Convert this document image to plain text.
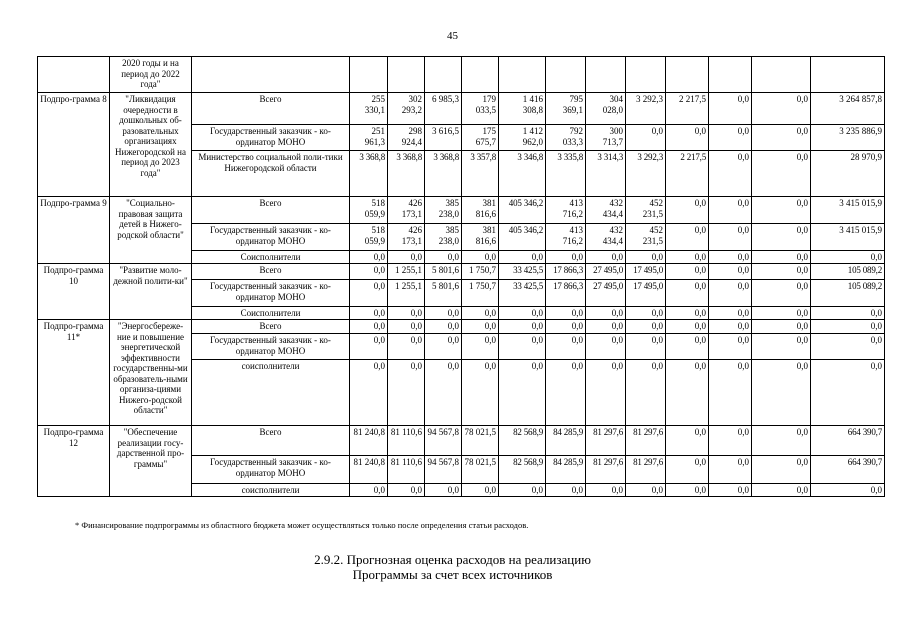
45
	2020 годы и на период до 2022 года"													
Подпро-грамма 8	"Ликвидация очередности в дошкольных об-разовательных организациях Нижегородской на период до 2023 года"	Всего	255 330,1	302 293,2	6 985,3	179 033,5	1 416 308,8	795 369,1	304 028,0	3 292,3	2 217,5	0,0	0,0	3 264 857,8
		Государственный заказчик - ко-ординатор МОНО	251 961,3	298 924,4	3 616,5	175 675,7	1 412 962,0	792 033,3	300 713,7	0,0	0,0	0,0	0,0	3 235 886,9
		Министерство социальной поли-тики Нижегородской области	3 368,8	3 368,8	3 368,8	3 357,8	3 346,8	3 335,8	3 314,3	3 292,3	2 217,5	0,0	0,0	28 970,9
Подпро-грамма 9	"Социально-правовая защита детей в Нижего-родской области"	Всего	518 059,9	426 173,1	385 238,0	381 816,6	405 346,2	413 716,2	432 434,4	452 231,5	0,0	0,0	0,0	3 415 015,9
		Государственный заказчик - ко-ординатор МОНО	518 059,9	426 173,1	385 238,0	381 816,6	405 346,2	413 716,2	432 434,4	452 231,5	0,0	0,0	0,0	3 415 015,9
		Соисполнители	0,0	0,0	0,0	0,0	0,0	0,0	0,0	0,0	0,0	0,0	0,0	0,0
Подпро-грамма 10	"Развитие моло-дежной полити-ки"	Всего	0,0	1 255,1	5 801,6	1 750,7	33 425,5	17 866,3	27 495,0	17 495,0	0,0	0,0	0,0	105 089,2
		Государственный заказчик - ко-ординатор МОНО	0,0	1 255,1	5 801,6	1 750,7	33 425,5	17 866,3	27 495,0	17 495,0	0,0	0,0	0,0	105 089,2
		Соисполнители	0,0	0,0	0,0	0,0	0,0	0,0	0,0	0,0	0,0	0,0	0,0	0,0
Подпро-грамма 11*	"Энергосбереже-ние и повышение энергетической эффективности государственны-ми образователь-ными организа-циями Нижего-родской области"	Всего	0,0	0,0	0,0	0,0	0,0	0,0	0,0	0,0	0,0	0,0	0,0	0,0
		Государственный заказчик - ко-ординатор МОНО	0,0	0,0	0,0	0,0	0,0	0,0	0,0	0,0	0,0	0,0	0,0	0,0
		соисполнители	0,0	0,0	0,0	0,0	0,0	0,0	0,0	0,0	0,0	0,0	0,0	0,0
Подпро-грамма 12	"Обеспечение реализации госу-дарственной про-граммы"	Всего	81 240,8	81 110,6	94 567,8	78 021,5	82 568,9	84 285,9	81 297,6	81 297,6	0,0	0,0	0,0	664 390,7
		Государственный заказчик - ко-ординатор МОНО	81 240,8	81 110,6	94 567,8	78 021,5	82 568,9	84 285,9	81 297,6	81 297,6	0,0	0,0	0,0	664 390,7
		соисполнители	0,0	0,0	0,0	0,0	0,0	0,0	0,0	0,0	0,0	0,0	0,0	0,0
* Финансирование подпрограммы из областного бюджета может осуществляться только после определения статьи расходов.
2.9.2. Прогнозная оценка расходов на реализацию
Программы за счет всех источников
